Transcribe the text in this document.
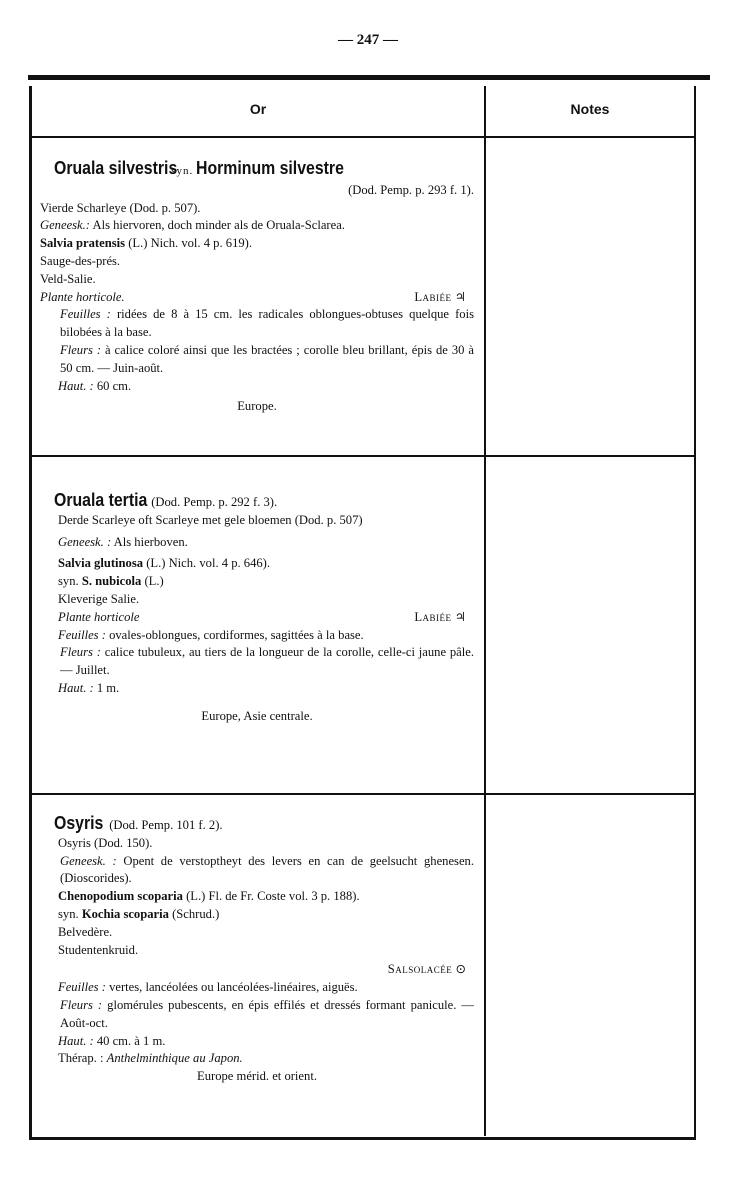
— 247 —
Or	Notes
Oruala silvestris syn. Horminum silvestre
(Dod. Pemp. p. 293 f. 1).
Vierde Scharleye (Dod. p. 507).
Geneesk.: Als hiervoren, doch minder als de Oruala-Sclarea.
Salvia pratensis (L.) Nich. vol. 4 p. 619).
Sauge-des-prés.
Veld-Salie.
Plante horticole.	Labiée ♃
Feuilles : ridées de 8 à 15 cm. les radicales oblongues-obtuses quelque fois bilobées à la base.
Fleurs : à calice coloré ainsi que les bractées ; corolle bleu brillant, épis de 30 à 50 cm. — Juin-août.
Haut. : 60 cm.
Europe.
Oruala tertia (Dod. Pemp. p. 292 f. 3).
Derde Scarleye oft Scarleye met gele bloemen (Dod. p. 507)
Geneesk. : Als hierboven.
Salvia glutinosa (L.) Nich. vol. 4 p. 646).
syn. S. nubicola (L.)
Kleverige Salie.
Plante horticole	Labiée ♃
Feuilles : ovales-oblongues, cordiformes, sagittées à la base.
Fleurs : calice tubuleux, au tiers de la longueur de la corolle, celle-ci jaune pâle. — Juillet.
Haut. : 1 m.
Europe, Asie centrale.
Osyris (Dod. Pemp. 101 f. 2).
Osyris (Dod. 150).
Geneesk. : Opent de verstoptheyt des levers en can de geelsucht ghenesen. (Dioscorides).
Chenopodium scoparia (L.) Fl. de Fr. Coste vol. 3 p. 188).
syn. Kochia scoparia (Schrud.)
Belvedère.
Studentenkruid.
Salsolacée ⊙
Feuilles : vertes, lancéolées ou lancéolées-linéaires, aiguës.
Fleurs : glomérules pubescents, en épis effilés et dressés formant panicule. — Août-oct.
Haut. : 40 cm. à 1 m.
Thérap. : Anthelminthique au Japon.
Europe mérid. et orient.
